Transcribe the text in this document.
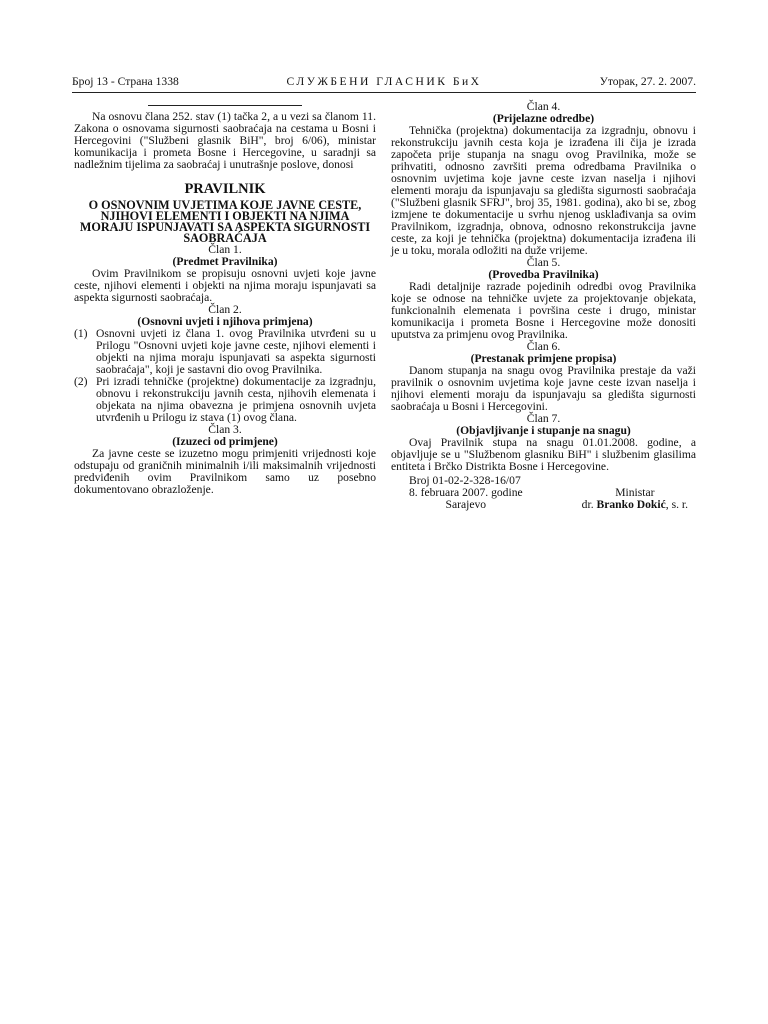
Број 13 - Страна 1338	СЛУЖБЕНИ ГЛАСНИК БиХ	Уторак, 27. 2. 2007.

Na osnovu člana 252. stav (1) tačka 2, a u vezi sa članom 11. Zakona o osnovama sigurnosti saobraćaja na cestama u Bosni i Hercegovini ("Službeni glasnik BiH", broj 6/06), ministar komunikacija i prometa Bosne i Hercegovine, u saradnji sa nadležnim tijelima za saobraćaj i unutrašnje poslove, donosi

PRAVILNIK

O OSNOVNIM UVJETIMA KOJE JAVNE CESTE, NJIHOVI ELEMENTI I OBJEKTI NA NJIMA MORAJU ISPUNJAVATI SA ASPEKTA SIGURNOSTI SAOBRAĆAJA

Član 1.

(Predmet Pravilnika)

Ovim Pravilnikom se propisuju osnovni uvjeti koje javne ceste, njihovi elementi i objekti na njima moraju ispunjavati sa aspekta sigurnosti saobraćaja.

Član 2.

(Osnovni uvjeti i njihova primjena)

(1) Osnovni uvjeti iz člana 1. ovog Pravilnika utvrđeni su u Prilogu "Osnovni uvjeti koje javne ceste, njihovi elementi i objekti na njima moraju ispunjavati sa aspekta sigurnosti saobraćaja", koji je sastavni dio ovog Pravilnika.
(2) Pri izradi tehničke (projektne) dokumentacije za izgradnju, obnovu i rekonstrukciju javnih cesta, njihovih elemenata i objekata na njima obavezna je primjena osnovnih uvjeta utvrđenih u Prilogu iz stava (1) ovog člana.

Član 3.

(Izuzeci od primjene)

Za javne ceste se izuzetno mogu primjeniti vrijednosti koje odstupaju od graničnih minimalnih i/ili maksimalnih vrijednosti predviđenih ovim Pravilnikom samo uz posebno dokumentovano obrazloženje.

Član 4.

(Prijelazne odredbe)

Tehnička (projektna) dokumentacija za izgradnju, obnovu i rekonstrukciju javnih cesta koja je izrađena ili čija je izrada započeta prije stupanja na snagu ovog Pravilnika, može se prihvatiti, odnosno završiti prema odredbama Pravilnika o osnovnim uvjetima koje javne ceste izvan naselja i njihovi elementi moraju da ispunjavaju sa gledišta sigurnosti saobraćaja ("Službeni glasnik SFRJ", broj 35, 1981. godina), ako bi se, zbog izmjene te dokumentacije u svrhu njenog usklađivanja sa ovim Pravilnikom, izgradnja, obnova, odnosno rekonstrukcija javne ceste, za koji je tehnička (projektna) dokumentacija izrađena ili je u toku, morala odložiti na duže vrijeme.

Član 5.

(Provedba Pravilnika)

Radi detaljnije razrade pojedinih odredbi ovog Pravilnika koje se odnose na tehničke uvjete za projektovanje objekata, funkcionalnih elemenata i površina ceste i drugo, ministar komunikacija i prometa Bosne i Hercegovine može donositi uputstva za primjenu ovog Pravilnika.

Član 6.

(Prestanak primjene propisa)

Danom stupanja na snagu ovog Pravilnika prestaje da važi pravilnik o osnovnim uvjetima koje javne ceste izvan naselja i njihovi elementi moraju da ispunjavaju sa gledišta sigurnosti saobraćaja u Bosni i Hercegovini.

Član 7.

(Objavljivanje i stupanje na snagu)

Ovaj Pravilnik stupa na snagu 01.01.2008. godine, a objavljuje se u "Službenom glasniku BiH" i službenim glasilima entiteta i Brčko Distrikta Bosne i Hercegovine.

Broj 01-02-2-328-16/07
8. februara 2007. godine
Sarajevo

Ministar
dr. Branko Dokić, s. r.
